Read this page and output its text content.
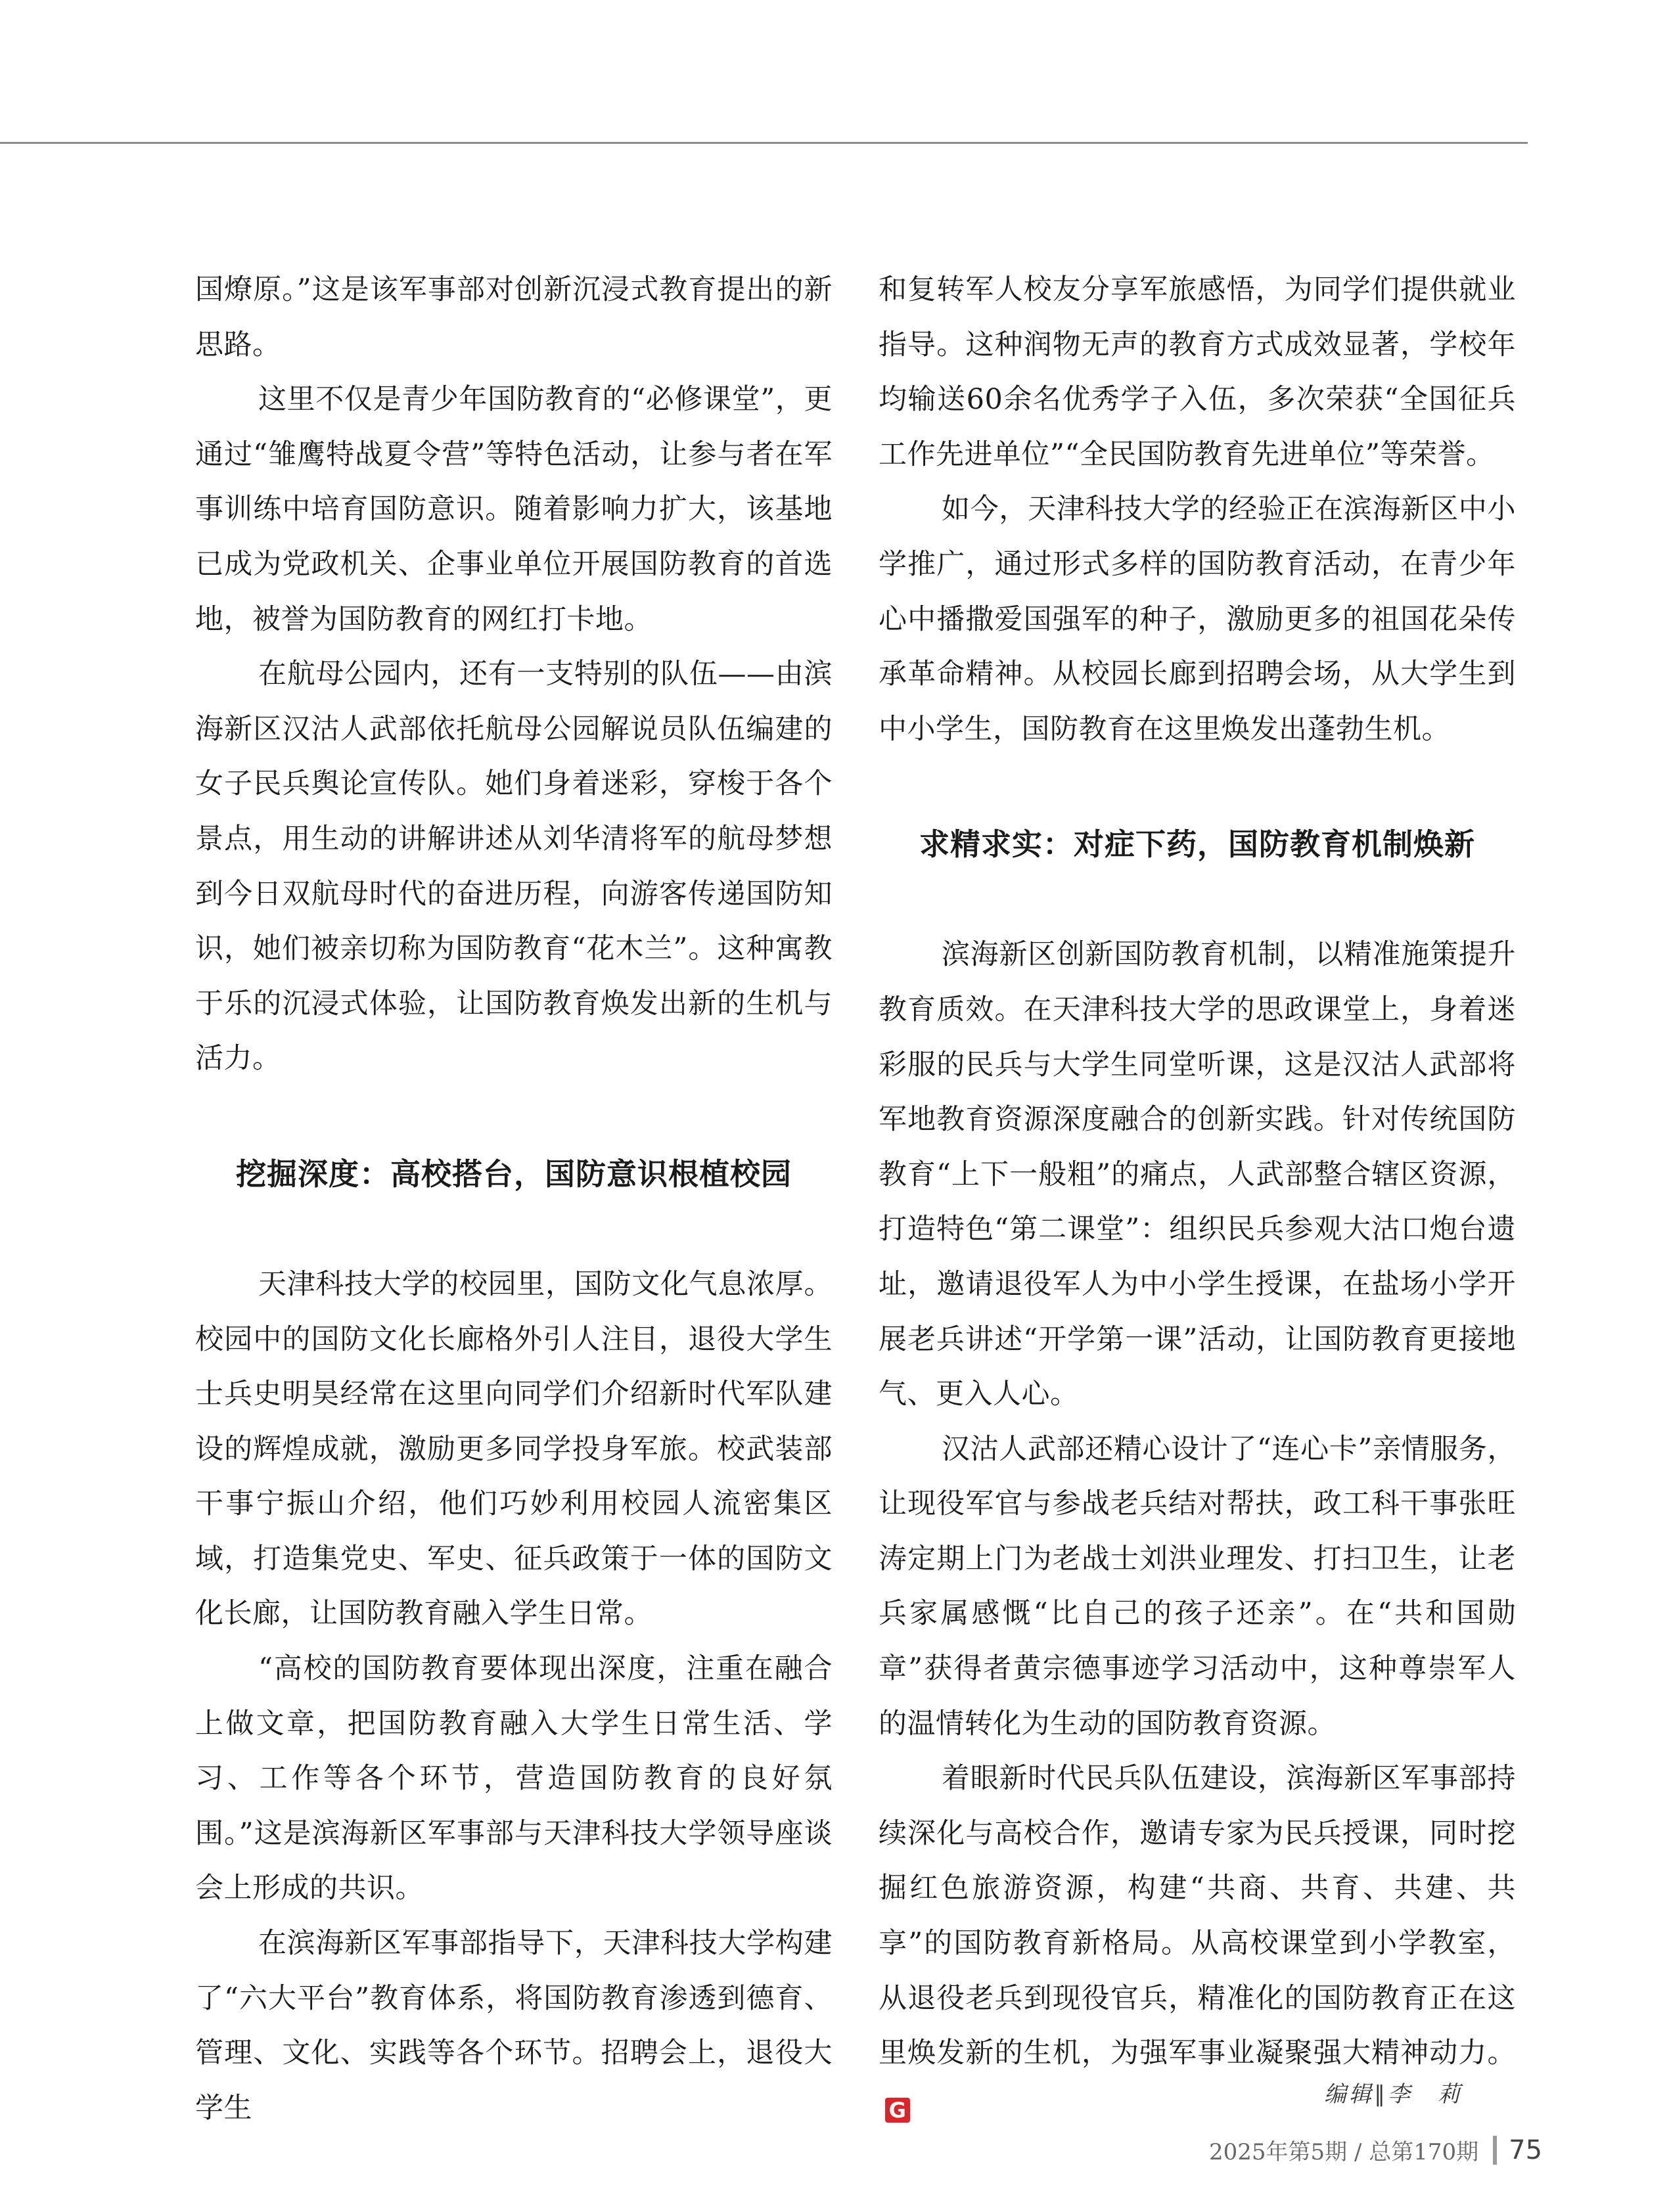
国燎原。”这是该军事部对创新沉浸式教育提出的新思路。

这里不仅是青少年国防教育的“必修课堂”，更通过“雏鹰特战夏令营”等特色活动，让参与者在军事训练中培育国防意识。随着影响力扩大，该基地已成为党政机关、企事业单位开展国防教育的首选地，被誉为国防教育的网红打卡地。

在航母公园内，还有一支特别的队伍——由滨海新区汉沽人武部依托航母公园解说员队伍编建的女子民兵舆论宣传队。她们身着迷彩，穿梭于各个景点，用生动的讲解讲述从刘华清将军的航母梦想到今日双航母时代的奋进历程，向游客传递国防知识，她们被亲切称为国防教育“花木兰”。这种寓教于乐的沉浸式体验，让国防教育焕发出新的生机与活力。

挖掘深度：高校搭台，国防意识根植校园

天津科技大学的校园里，国防文化气息浓厚。校园中的国防文化长廊格外引人注目，退役大学生士兵史明昊经常在这里向同学们介绍新时代军队建设的辉煌成就，激励更多同学投身军旅。校武装部干事宁振山介绍，他们巧妙利用校园人流密集区域，打造集党史、军史、征兵政策于一体的国防文化长廊，让国防教育融入学生日常。

“高校的国防教育要体现出深度，注重在融合上做文章，把国防教育融入大学生日常生活、学习、工作等各个环节，营造国防教育的良好氛围。”这是滨海新区军事部与天津科技大学领导座谈会上形成的共识。

在滨海新区军事部指导下，天津科技大学构建了“六大平台”教育体系，将国防教育渗透到德育、管理、文化、实践等各个环节。招聘会上，退役大学生

和复转军人校友分享军旅感悟，为同学们提供就业指导。这种润物无声的教育方式成效显著，学校年均输送60余名优秀学子入伍，多次荣获“全国征兵工作先进单位”“全民国防教育先进单位”等荣誉。

如今，天津科技大学的经验正在滨海新区中小学推广，通过形式多样的国防教育活动，在青少年心中播撒爱国强军的种子，激励更多的祖国花朵传承革命精神。从校园长廊到招聘会场，从大学生到中小学生，国防教育在这里焕发出蓬勃生机。

求精求实：对症下药，国防教育机制焕新

滨海新区创新国防教育机制，以精准施策提升教育质效。在天津科技大学的思政课堂上，身着迷彩服的民兵与大学生同堂听课，这是汉沽人武部将军地教育资源深度融合的创新实践。针对传统国防教育“上下一般粗”的痛点，人武部整合辖区资源，打造特色“第二课堂”：组织民兵参观大沽口炮台遗址，邀请退役军人为中小学生授课，在盐场小学开展老兵讲述“开学第一课”活动，让国防教育更接地气、更入人心。

汉沽人武部还精心设计了“连心卡”亲情服务，让现役军官与参战老兵结对帮扶，政工科干事张旺涛定期上门为老战士刘洪业理发、打扫卫生，让老兵家属感慨“比自己的孩子还亲”。在“共和国勋章”获得者黄宗德事迹学习活动中，这种尊崇军人的温情转化为生动的国防教育资源。

着眼新时代民兵队伍建设，滨海新区军事部持续深化与高校合作，邀请专家为民兵授课，同时挖掘红色旅游资源，构建“共商、共育、共建、共享”的国防教育新格局。从高校课堂到小学教室，从退役老兵到现役官兵，精准化的国防教育正在这里焕发新的生机，为强军事业凝聚强大精神动力。G

编辑∥李　莉
2025年第5期 / 总第170期 75
